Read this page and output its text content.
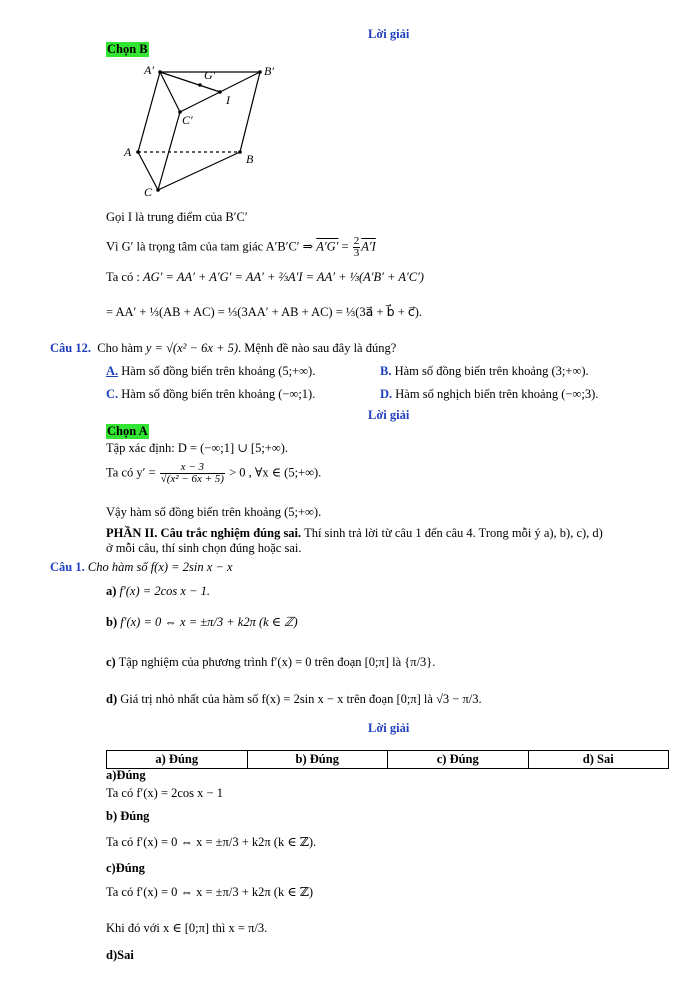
Lời giải
Chọn B
A′	G′	B′
I
C′
A	B
C
Gọi I là trung điểm của B′C′
Vì G′ là trọng tâm của tam giác A′B′C′ ⇒ $A'G' = \frac{2}{3} A'I$
Ta có : AG′ = AA′ + A′G′ = AA′ + ⅔A′I = AA′ + ⅓(A′B′ + A′C′)
= AA′ + ⅓(AB + AC) = ⅓(3AA′ + AB + AC) = ⅓(3a⃗ + b⃗ + c⃗).
Câu 12. Cho hàm y = √(x² − 6x + 5). Mệnh đề nào sau đây là đúng?
A. Hàm số đồng biến trên khoảng (5;+∞).	B. Hàm số đồng biến trên khoảng (3;+∞).
C. Hàm số đồng biến trên khoảng (−∞;1).	D. Hàm số nghịch biến trên khoảng (−∞;3).
Lời giải
Chọn A
Tập xác định: D = (−∞;1] ∪ [5;+∞).
Ta có $y' = \frac{x - 3}{\text{√(x² − 6x + 5)}} > 0$ , ∀x ∈ (5;+∞).
Vậy hàm số đồng biến trên khoảng (5;+∞).
PHẦN II. Câu trắc nghiệm đúng sai. Thí sinh trả lời từ câu 1 đến câu 4. Trong mỗi ý a), b), c), d)
ở mỗi câu, thí sinh chọn đúng hoặc sai.
Câu 1. Cho hàm số f(x) = 2sin x − x
a) f′(x) = 2cos x − 1.
b) f′(x) = 0 ⇔ x = ±π/3 + k2π (k ∈ ℤ)
c) Tập nghiệm của phương trình f′(x) = 0 trên đoạn [0;π] là {π/3}.
d) Giá trị nhỏ nhất của hàm số f(x) = 2sin x − x trên đoạn [0;π] là √3 − π/3.
Lời giải
a) Đúng	b) Đúng	c) Đúng	d) Sai
a)Đúng
Ta có f′(x) = 2cos x − 1
b) Đúng
Ta có f′(x) = 0 ⇔ x = ±π/3 + k2π (k ∈ ℤ).
c)Đúng
Ta có f′(x) = 0 ⇔ x = ±π/3 + k2π (k ∈ ℤ)
Khi đó với x ∈ [0;π] thì x = π/3.
d)Sai
